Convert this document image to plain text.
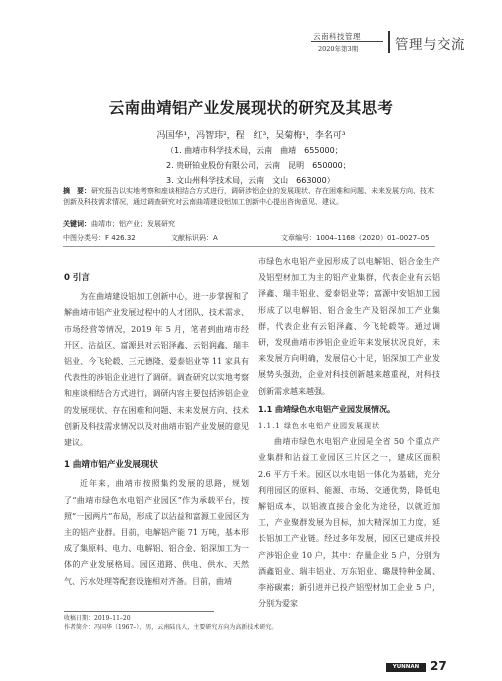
云南科技管理
2020年第3期	管理与交流
云南曲靖铝产业发展现状的研究及其思考
冯国华¹，冯智玮²，程　红³，吴菊梅¹，李名可³
（1. 曲靖市科学技术局，云南　曲靖　655000；
2. 贵研铂业股份有限公司，云南　昆明　650000；
3. 文山州科学技术局，云南　文山　663000）
摘　要：研究报告以实地考察和座谈相结合方式进行，调研涉铝企业的发展现状、存在困难和问题、未来发展方向、技术创新及科技需求情况，通过调查研究对云南曲靖建设铝加工创新中心提出咨询意见、建议。
关键词：曲靖市；铝产业；发展研究
中图分类号：F 426.32	文献标识码：A	文章编号：1004–1168（2020）01–0027–05
0 引言

为在曲靖建设铝加工创新中心，进一步掌握和了解曲靖市铝产业发展过程中的人才团队、技术需求、市场经营等情况，2019 年 5 月，笔者到曲靖市经开区、沾益区、富源县对云铝泽鑫、云铝润鑫、瑞丰铝业、今飞轮毂、三元德隆、爱泰铝业等 11 家具有代表性的涉铝企业进行了调研。调查研究以实地考察和座谈相结合方式进行，调研内容主要包括涉铝企业的发展现状、存在困难和问题、未来发展方向、技术创新及科技需求情况以及对曲靖市铝产业发展的意见建议。

1 曲靖市铝产业发展现状

近年来，曲靖市按照集约发展的思路，规划了“曲靖市绿色水电铝产业园区”作为承载平台，按照“一园两片”布局，形成了以沾益和富源工业园区为主的铝产业群。目前，电解铝产能 71 万吨，基本形成了集原料、电力、电解铝、铝合金、铝深加工为一体的产业发展格局。园区道路、供电、供水、天然气、污水处理等配套设施相对齐备。目前，曲靖

市绿色水电铝产业园形成了以电解铝、铝合金生产及铝型材加工为主的铝产业集群，代表企业有云铝泽鑫、瑞丰铝业、爱泰铝业等；富源中安铝加工园形成了以电解铝、铝合金生产及铝深加工产业集群，代表企业有云铝泽鑫、今飞轮毂等。通过调研，发现曲靖市涉铝企业近年来发展状况良好，未来发展方向明确，发展信心十足，铝深加工产业发展势头强劲，企业对科技创新越来越重视，对科技创新需求越来越强。

1.1 曲靖绿色水电铝产业园发展情况。
1.1.1 绿色水电铝产业园发展现状

曲靖市绿色水电铝产业园是全省 50 个重点产业集群和沾益工业园区三片区之一，建成区面积 2.6 平方千米。园区以水电铝一体化为基础，充分利用园区的原料、能源、市场、交通优势，降低电解铝成本，以铝液直接合金化为途径，以就近加工，产业聚群发展为目标，加大精深加工力度，延长铝加工产业链。经过多年发展，园区已建成并投产涉铝企业 10 户，其中：存量企业 5 户，分别为酒鑫铝业、瑞丰铝业、万东铝业、璐晟特种金属、李裕碳素；新引进并已投产铝型材加工企业 5 户，分别为爱家

收稿日期：2019–11–20
作者简介：冯国华（1967–），男，云南陆良人，主要研究方向为高新技术研究。
YUNNAN KEJI GUANLI
27
